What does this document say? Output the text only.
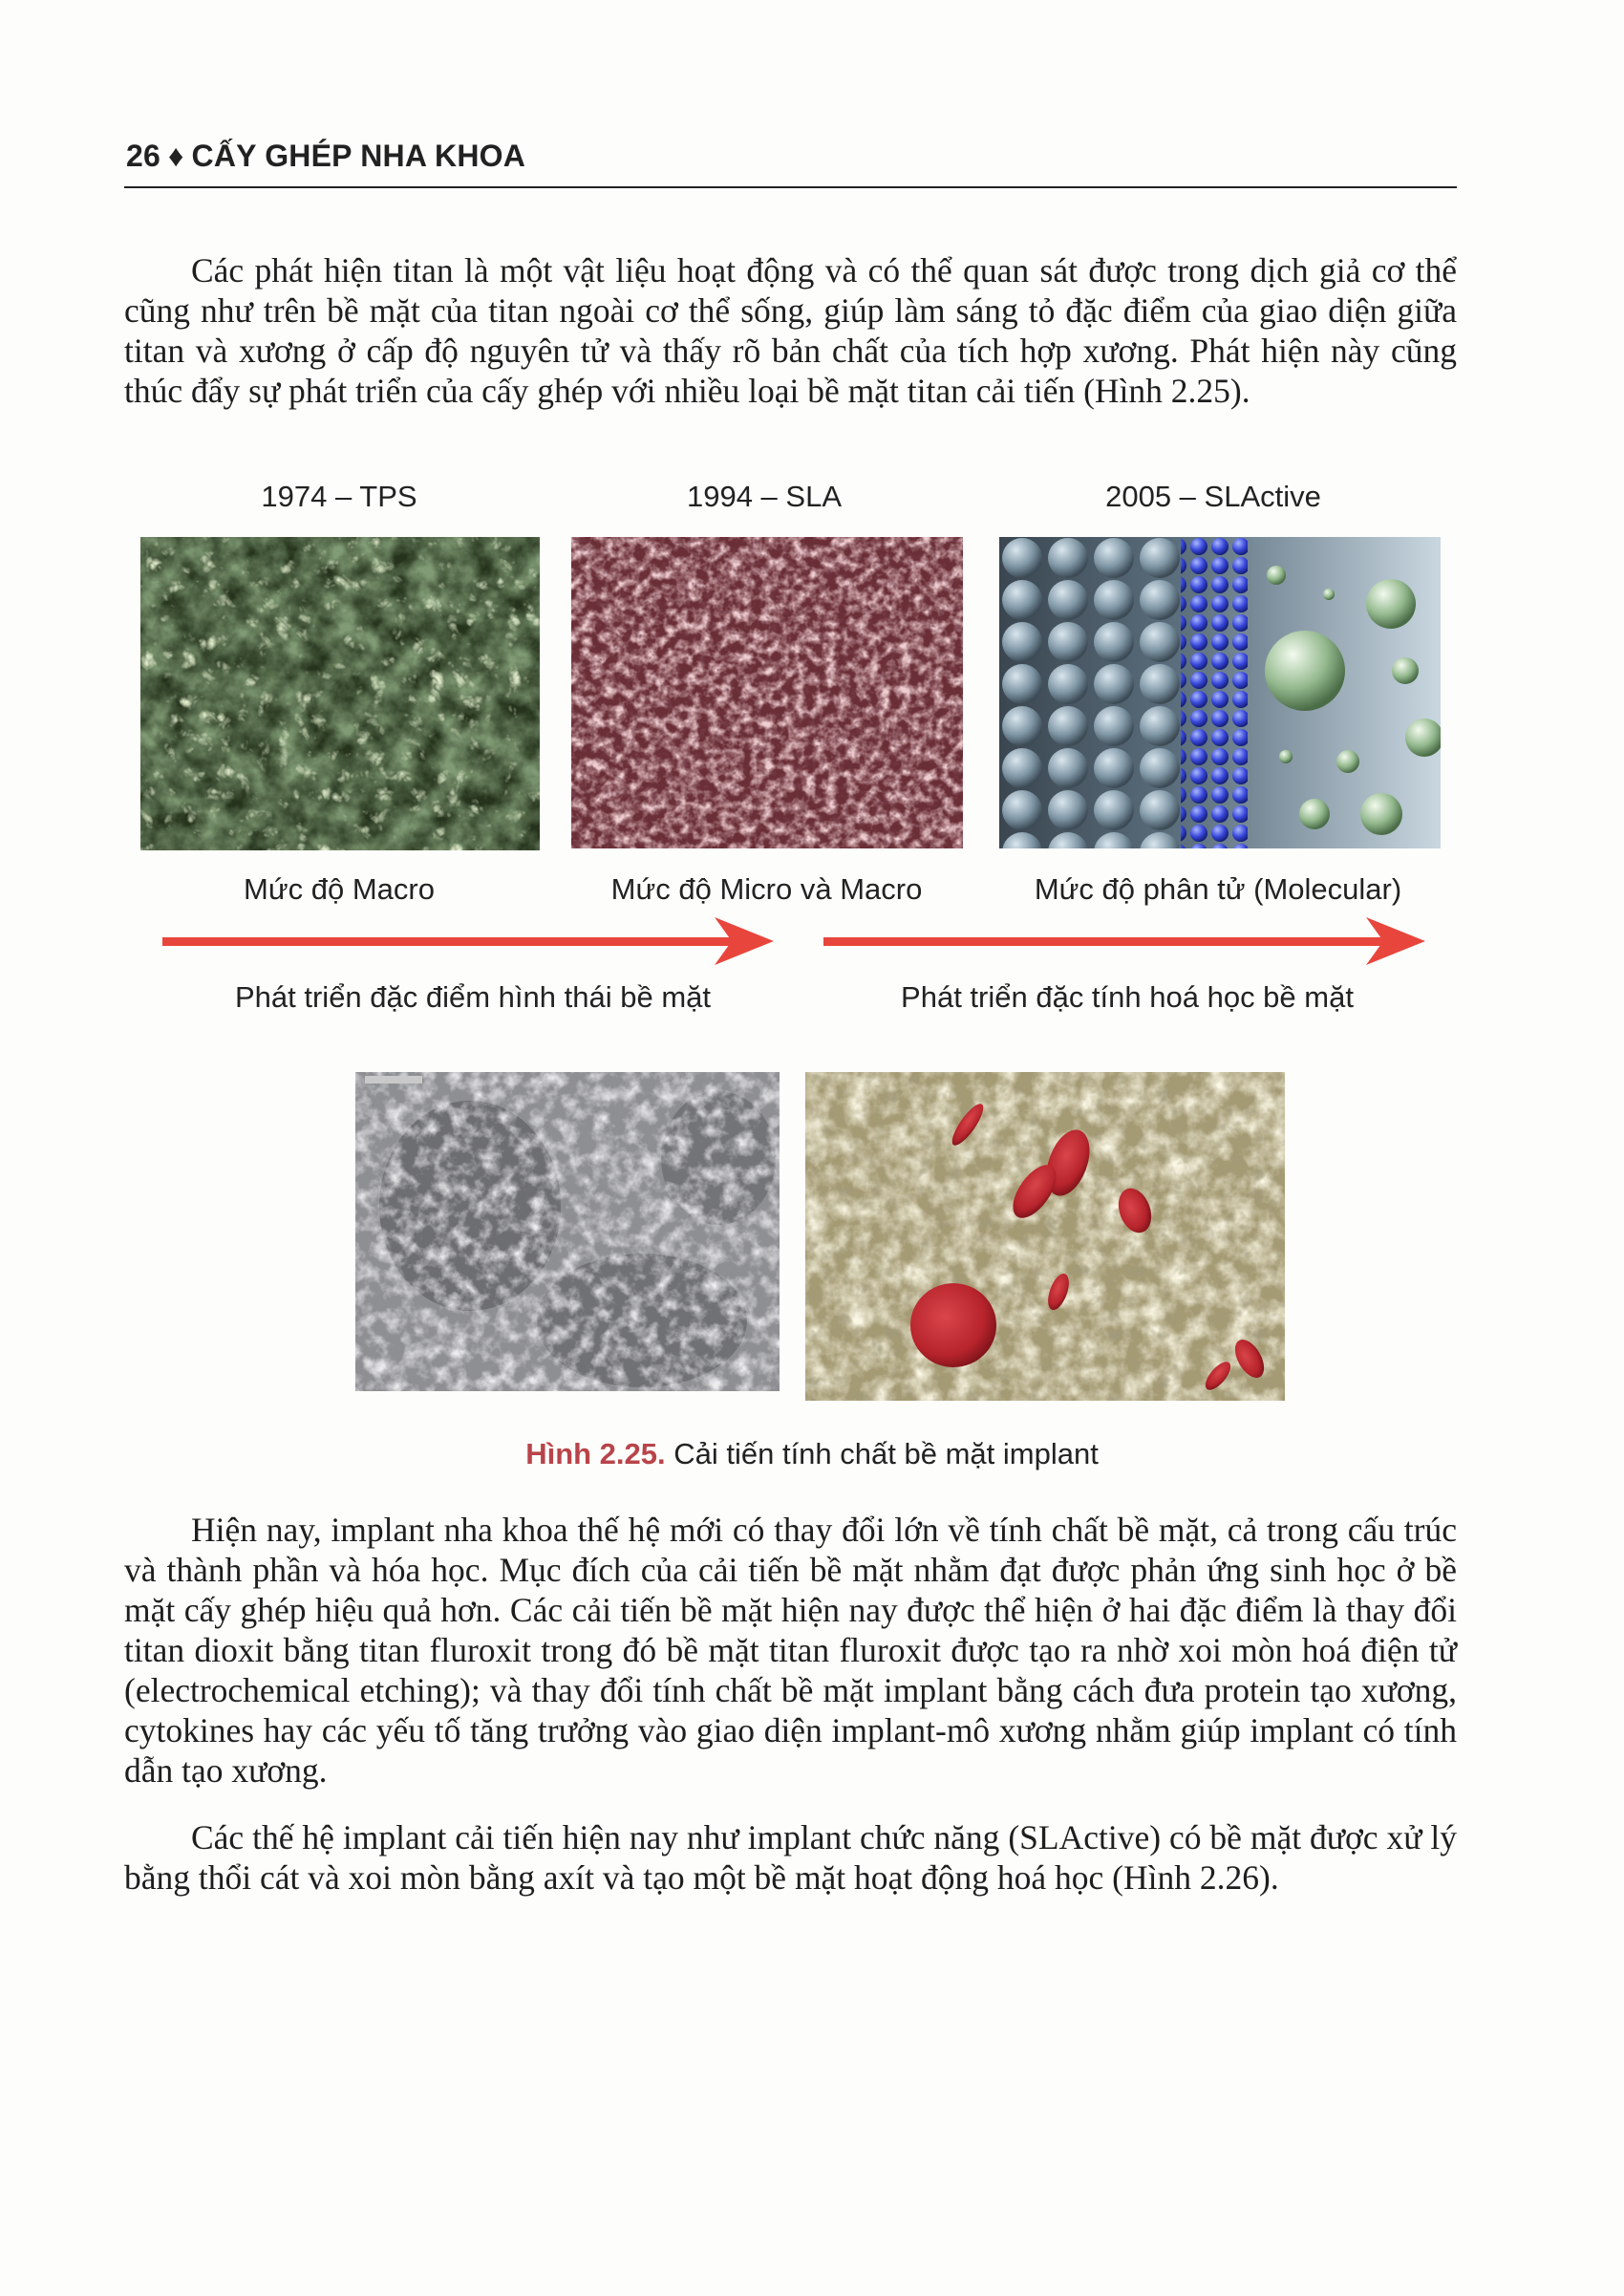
26 ♦ CẤY GHÉP NHA KHOA

Các phát hiện titan là một vật liệu hoạt động và có thể quan sát được trong dịch giả cơ thể cũng như trên bề mặt của titan ngoài cơ thể sống, giúp làm sáng tỏ đặc điểm của giao diện giữa titan và xương ở cấp độ nguyên tử và thấy rõ bản chất của tích hợp xương. Phát hiện này cũng thúc đẩy sự phát triển của cấy ghép với nhiều loại bề mặt titan cải tiến (Hình 2.25).

1974 – TPS	1994 – SLA	2005 – SLActive
Mức độ Macro	Mức độ Micro và Macro	Mức độ phân tử (Molecular)
Phát triển đặc điểm hình thái bề mặt	Phát triển đặc tính hoá học bề mặt
Hình 2.25. Cải tiến tính chất bề mặt implant

Hiện nay, implant nha khoa thế hệ mới có thay đổi lớn về tính chất bề mặt, cả trong cấu trúc và thành phần và hóa học. Mục đích của cải tiến bề mặt nhằm đạt được phản ứng sinh học ở bề mặt cấy ghép hiệu quả hơn. Các cải tiến bề mặt hiện nay được thể hiện ở hai đặc điểm là thay đổi titan dioxit bằng titan fluroxit trong đó bề mặt titan fluroxit được tạo ra nhờ xoi mòn hoá điện tử (electrochemical etching); và thay đổi tính chất bề mặt implant bằng cách đưa protein tạo xương, cytokines hay các yếu tố tăng trưởng vào giao diện implant-mô xương nhằm giúp implant có tính dẫn tạo xương.

Các thế hệ implant cải tiến hiện nay như implant chức năng (SLActive) có bề mặt được xử lý bằng thổi cát và xoi mòn bằng axít và tạo một bề mặt hoạt động hoá học (Hình 2.26).
